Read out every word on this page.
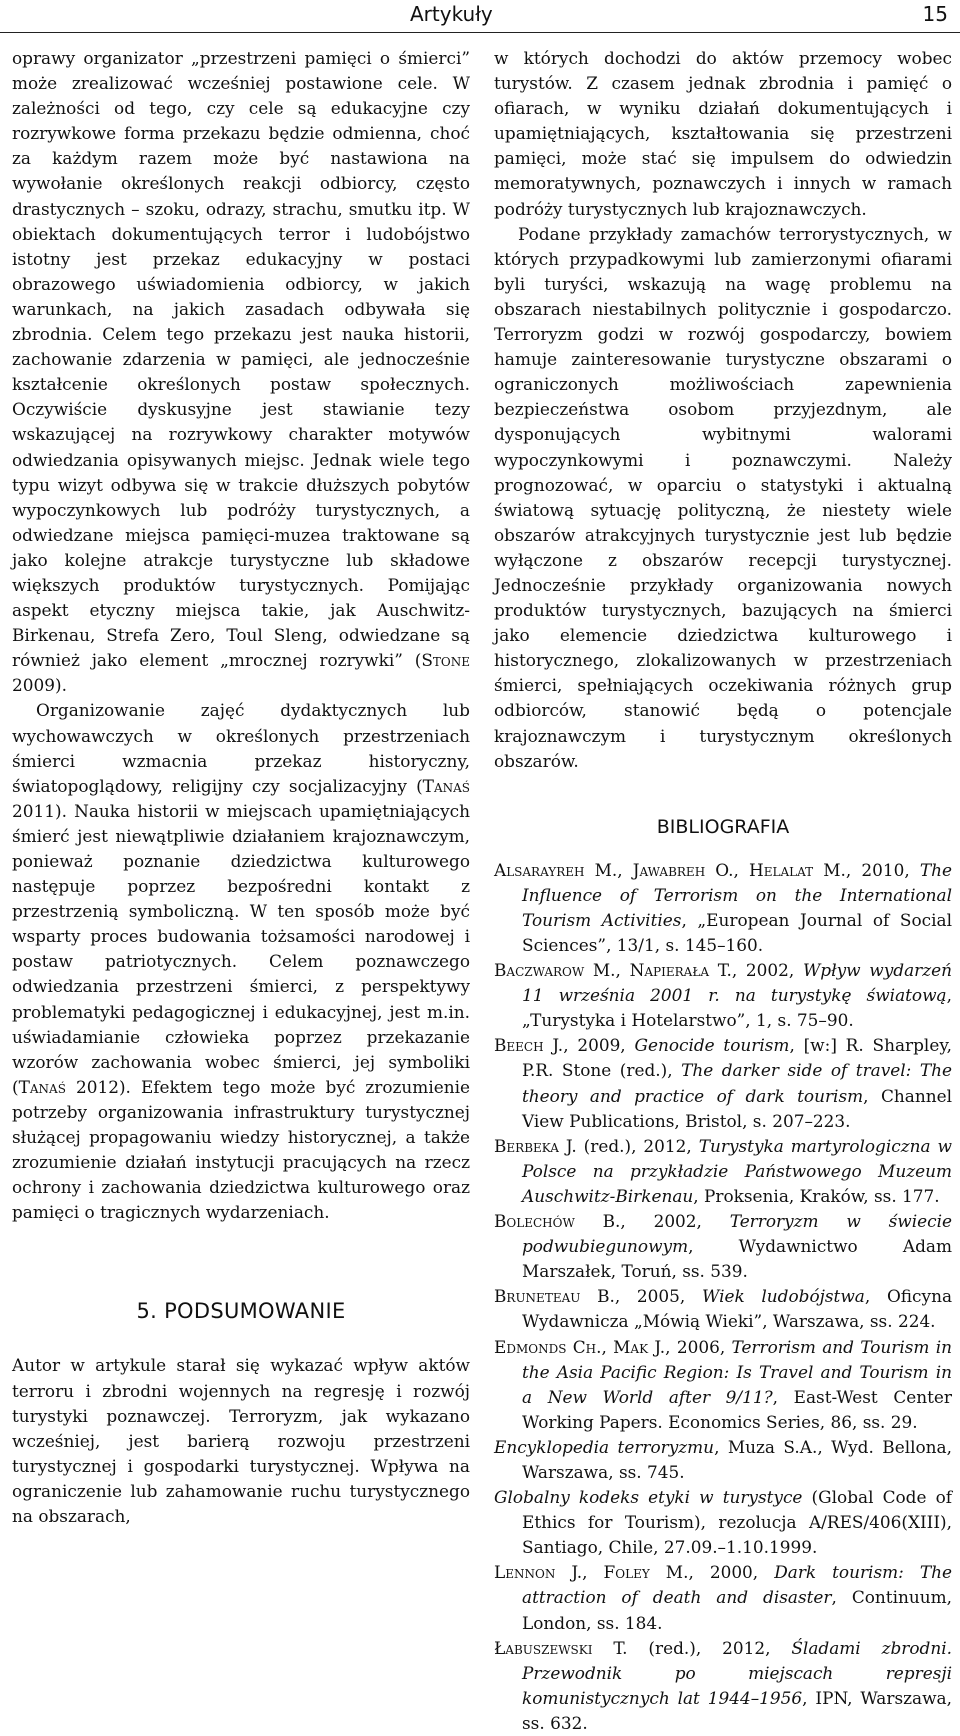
Artykuły	15

oprawy organizator „przestrzeni pamięci o śmierci” może zrealizować wcześniej postawione cele. W zależności od tego, czy cele są edukacyjne czy rozrywkowe forma przekazu będzie odmienna, choć za każdym razem może być nastawiona na wywołanie określonych reakcji odbiorcy, często drastycznych – szoku, odrazy, strachu, smutku itp. W obiektach dokumentujących terror i ludobójstwo istotny jest przekaz edukacyjny w postaci obrazowego uświadomienia odbiorcy, w jakich warunkach, na jakich zasadach odbywała się zbrodnia. Celem tego przekazu jest nauka historii, zachowanie zdarzenia w pamięci, ale jednocześnie kształcenie określonych postaw społecznych. Oczywiście dyskusyjne jest stawianie tezy wskazującej na rozrywkowy charakter motywów odwiedzania opisywanych miejsc. Jednak wiele tego typu wizyt odbywa się w trakcie dłuższych pobytów wypoczynkowych lub podróży turystycznych, a odwiedzane miejsca pamięci-muzea traktowane są jako kolejne atrakcje turystyczne lub składowe większych produktów turystycznych. Pomijając aspekt etyczny miejsca takie, jak Auschwitz-Birkenau, Strefa Zero, Toul Sleng, odwiedzane są również jako element „mrocznej rozrywki” (Stone 2009).

Organizowanie zajęć dydaktycznych lub wychowawczych w określonych przestrzeniach śmierci wzmacnia przekaz historyczny, światopoglądowy, religijny czy socjalizacyjny (Tanaś 2011). Nauka historii w miejscach upamiętniających śmierć jest niewątpliwie działaniem krajoznawczym, ponieważ poznanie dziedzictwa kulturowego następuje poprzez bezpośredni kontakt z przestrzenią symboliczną. W ten sposób może być wsparty proces budowania tożsamości narodowej i postaw patriotycznych. Celem poznawczego odwiedzania przestrzeni śmierci, z perspektywy problematyki pedagogicznej i edukacyjnej, jest m.in. uświadamianie człowieka poprzez przekazanie wzorów zachowania wobec śmierci, jej symboliki (Tanaś 2012). Efektem tego może być zrozumienie potrzeby organizowania infrastruktury turystycznej służącej propagowaniu wiedzy historycznej, a także zrozumienie działań instytucji pracujących na rzecz ochrony i zachowania dziedzictwa kulturowego oraz pamięci o tragicznych wydarzeniach.

5. PODSUMOWANIE

Autor w artykule starał się wykazać wpływ aktów terroru i zbrodni wojennych na regresję i rozwój turystyki poznawczej. Terroryzm, jak wykazano wcześniej, jest barierą rozwoju przestrzeni turystycznej i gospodarki turystycznej. Wpływa na ograniczenie lub zahamowanie ruchu turystycznego na obszarach,

w których dochodzi do aktów przemocy wobec turystów. Z czasem jednak zbrodnia i pamięć o ofiarach, w wyniku działań dokumentujących i upamiętniających, kształtowania się przestrzeni pamięci, może stać się impulsem do odwiedzin memoratywnych, poznawczych i innych w ramach podróży turystycznych lub krajoznawczych.

Podane przykłady zamachów terrorystycznych, w których przypadkowymi lub zamierzonymi ofiarami byli turyści, wskazują na wagę problemu na obszarach niestabilnych politycznie i gospodarczo. Terroryzm godzi w rozwój gospodarczy, bowiem hamuje zainteresowanie turystyczne obszarami o ograniczonych możliwościach zapewnienia bezpieczeństwa osobom przyjezdnym, ale dysponujących wybitnymi walorami wypoczynkowymi i poznawczymi. Należy prognozować, w oparciu o statystyki i aktualną światową sytuację polityczną, że niestety wiele obszarów atrakcyjnych turystycznie jest lub będzie wyłączone z obszarów recepcji turystycznej. Jednocześnie przykłady organizowania nowych produktów turystycznych, bazujących na śmierci jako elemencie dziedzictwa kulturowego i historycznego, zlokalizowanych w przestrzeniach śmierci, spełniających oczekiwania różnych grup odbiorców, stanowić będą o potencjale krajoznawczym i turystycznym określonych obszarów.

BIBLIOGRAFIA

Alsarayreh M., Jawabreh O., Helalat M., 2010, The Influence of Terrorism on the International Tourism Activities, „European Journal of Social Sciences”, 13/1, s. 145–160.

Baczwarow M., Napierała T., 2002, Wpływ wydarzeń 11 września 2001 r. na turystykę światową, „Turystyka i Hotelarstwo”, 1, s. 75–90.

Beech J., 2009, Genocide tourism, [w:] R. Sharpley, P.R. Stone (red.), The darker side of travel: The theory and practice of dark tourism, Channel View Publications, Bristol, s. 207–223.

Berbeka J. (red.), 2012, Turystyka martyrologiczna w Polsce na przykładzie Państwowego Muzeum Auschwitz-Birkenau, Proksenia, Kraków, ss. 177.

Bolechów B., 2002, Terroryzm w świecie podwubiegunowym, Wydawnictwo Adam Marszałek, Toruń, ss. 539.

Bruneteau B., 2005, Wiek ludobójstwa, Oficyna Wydawnicza „Mówią Wieki”, Warszawa, ss. 224.

Edmonds Ch., Mak J., 2006, Terrorism and Tourism in the Asia Pacific Region: Is Travel and Tourism in a New World after 9/11?, East-West Center Working Papers. Economics Series, 86, ss. 29.

Encyklopedia terroryzmu, Muza S.A., Wyd. Bellona, Warszawa, ss. 745.

Globalny kodeks etyki w turystyce (Global Code of Ethics for Tourism), rezolucja A/RES/406(XIII), Santiago, Chile, 27.09.–1.10.1999.

Lennon J., Foley M., 2000, Dark tourism: The attraction of death and disaster, Continuum, London, ss. 184.

Łabuszewski T. (red.), 2012, Śladami zbrodni. Przewodnik po miejscach represji komunistycznych lat 1944–1956, IPN, Warszawa, ss. 632.
